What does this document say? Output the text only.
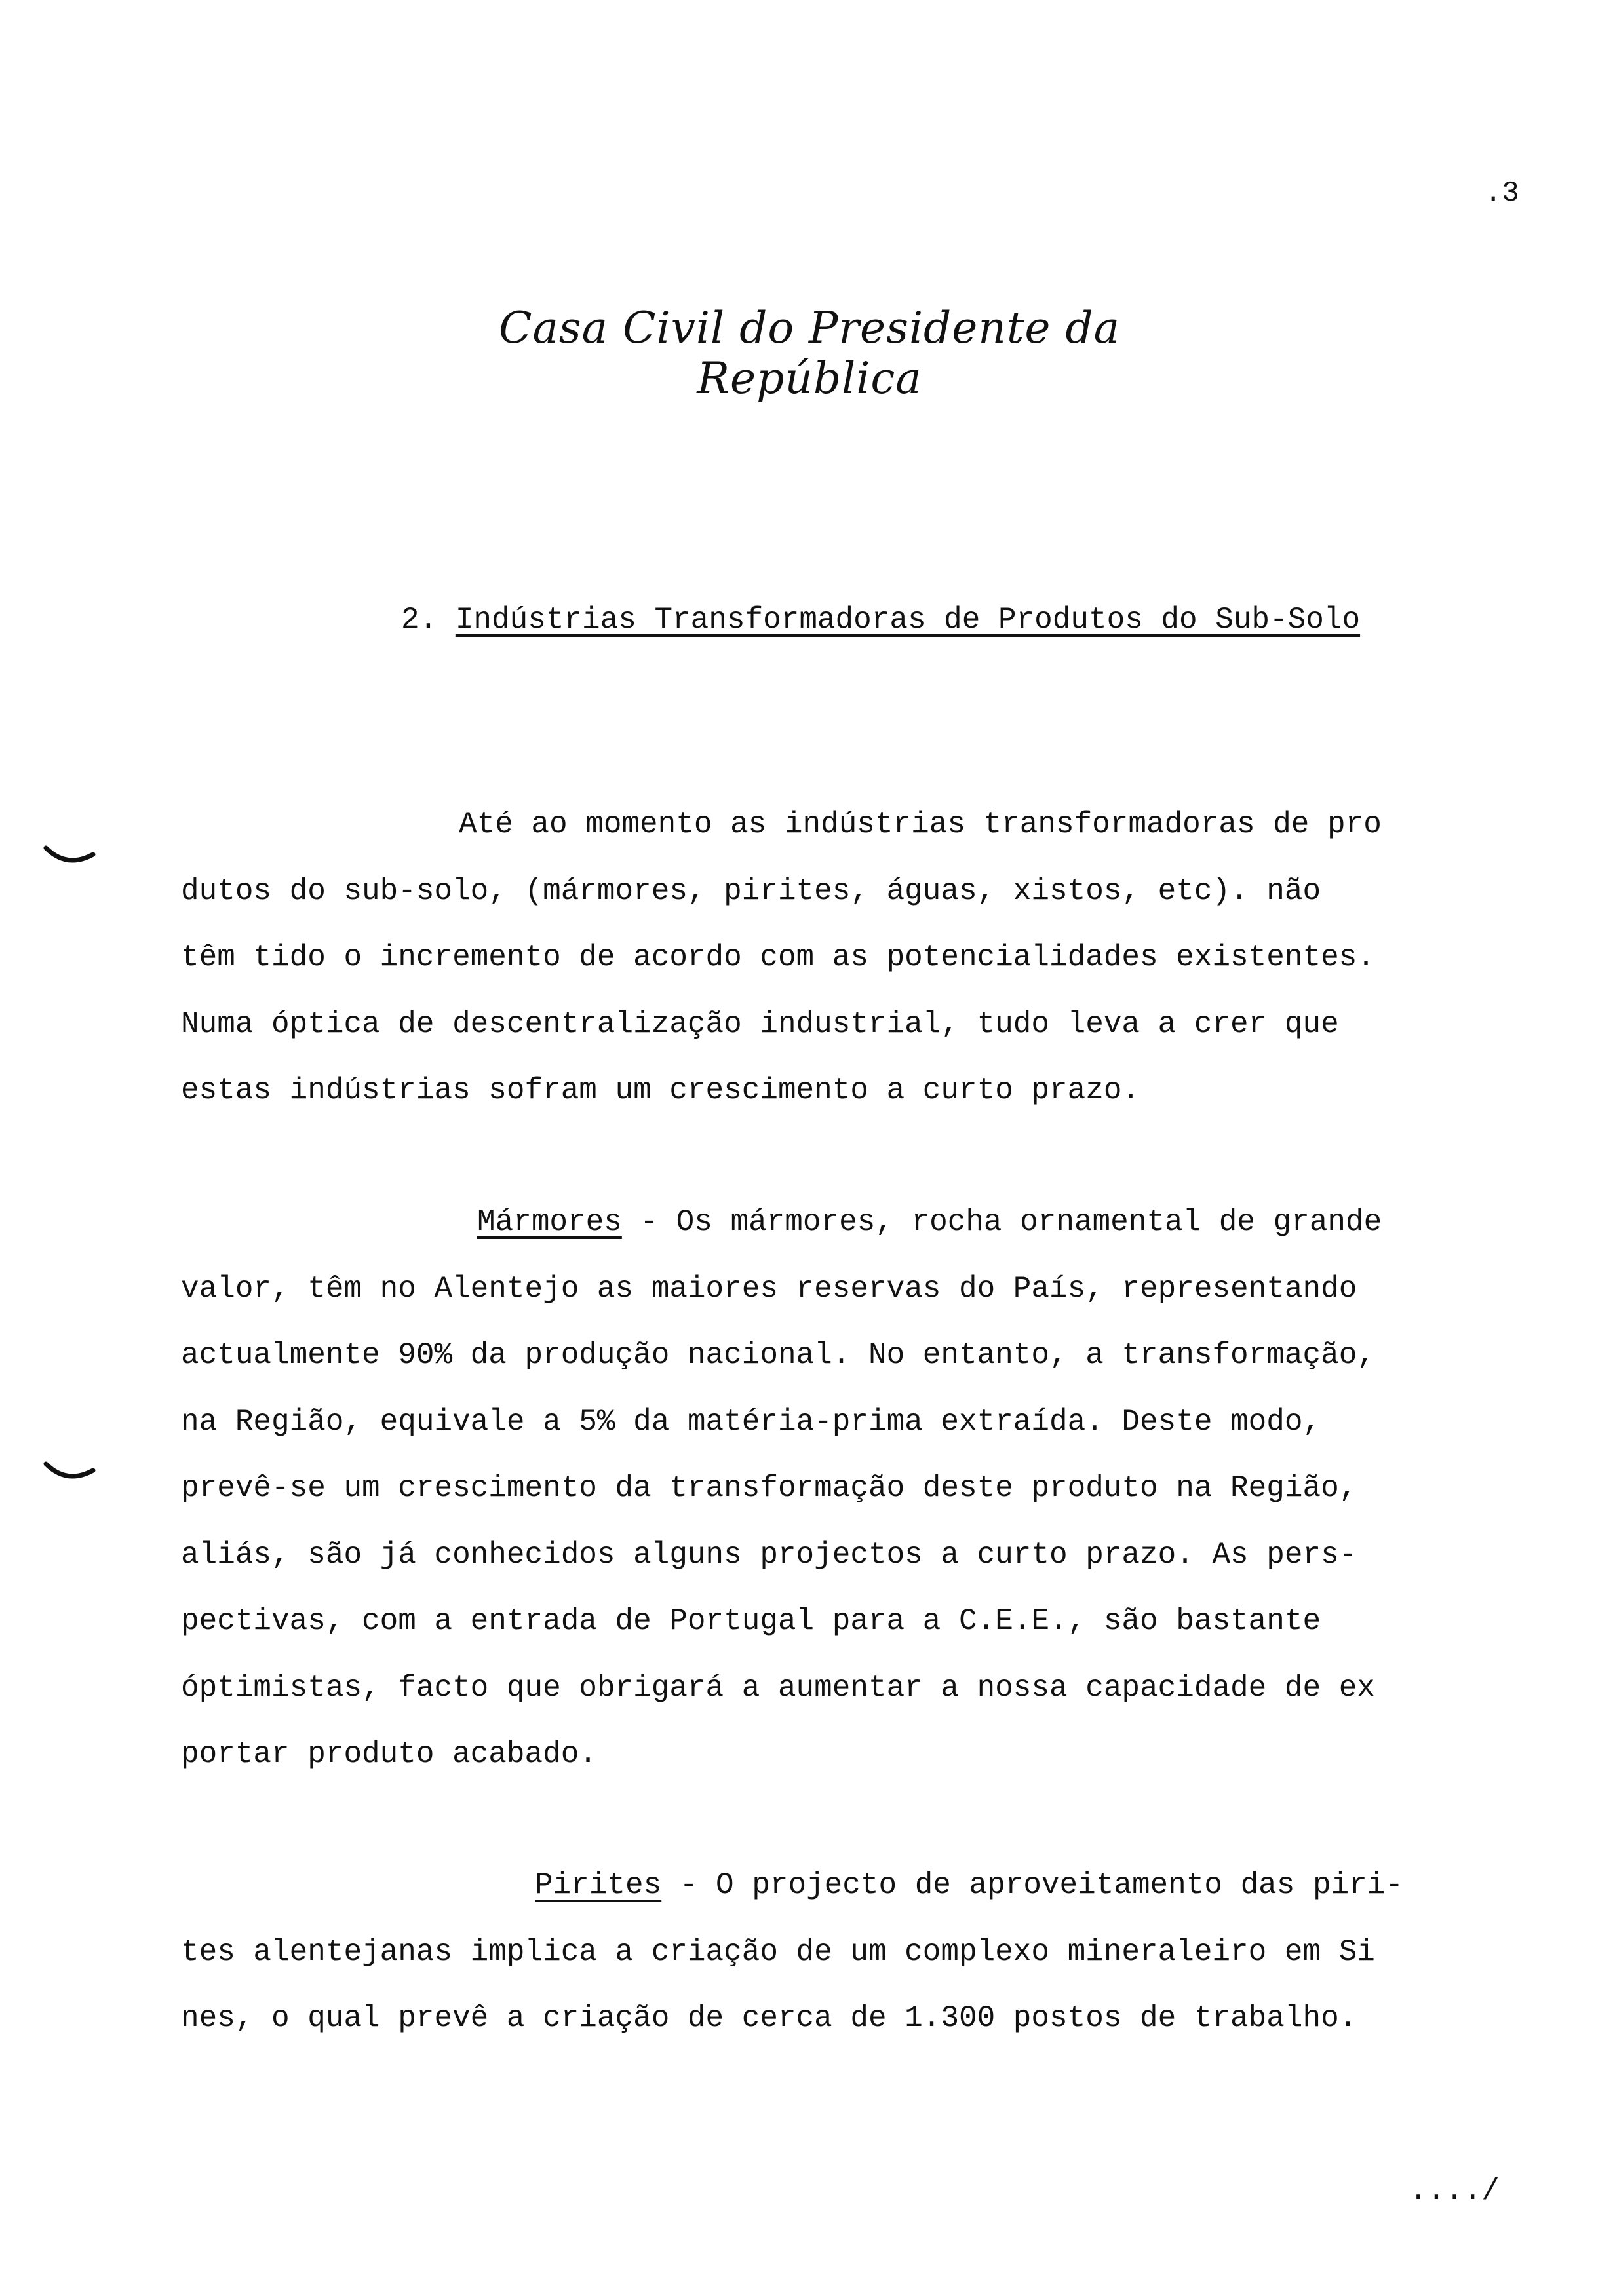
.3
Casa Civil do Presidente da República
2. Indústrias Transformadoras de Produtos do Sub-Solo
Até ao momento as indústrias transformadoras de pro
dutos do sub-solo, (mármores, pirites, águas, xistos, etc). não
têm tido o incremento de acordo com as potencialidades existentes.
Numa óptica de descentralização industrial, tudo leva a crer que
estas indústrias sofram um crescimento a curto prazo.
Mármores - Os mármores, rocha ornamental de grande
valor, têm no Alentejo as maiores reservas do País, representando
actualmente 90% da produção nacional. No entanto, a transformação,
na Região, equivale a 5% da matéria-prima extraída. Deste modo,
prevê-se um crescimento da transformação deste produto na Região,
aliás, são já conhecidos alguns projectos a curto prazo. As pers-
pectivas, com a entrada de Portugal para a C.E.E., são bastante
óptimistas, facto que obrigará a aumentar a nossa capacidade de ex
portar produto acabado.
Pirites - O projecto de aproveitamento das piri-
tes alentejanas implica a criação de um complexo mineraleiro em Si
nes, o qual prevê a criação de cerca de 1.300 postos de trabalho.
..../
